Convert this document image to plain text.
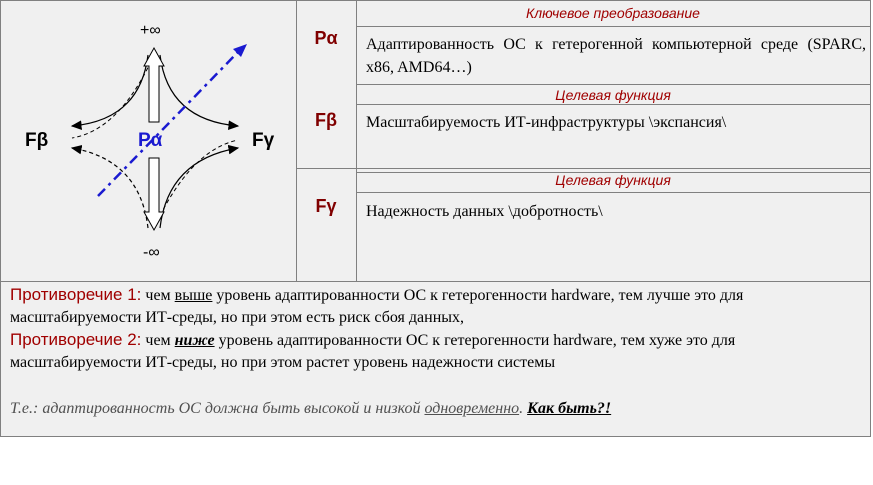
+∞
-∞
Fβ	Fγ
Pα
Pα
Ключевое преобразование
Адаптированность ОС к гетерогенной компьютерной среде (SPARC, x86, AMD64…)
Fβ
Целевая функция
Масштабируемость ИТ-инфраструктуры \экспансия\
Fγ
Целевая функция
Надежность данных \добротность\
Противоречие 1: чем выше уровень адаптированности ОС к гетерогенности hardware, тем лучше это для масштабируемости ИТ-среды, но при этом есть риск сбоя данных,
Противоречие 2: чем ниже уровень адаптированности ОС к гетерогенности hardware, тем хуже это для масштабируемости ИТ-среды, но при этом растет уровень надежности системы
Т.е.: адаптированность ОС должна быть высокой и низкой одновременно. Как быть?!
